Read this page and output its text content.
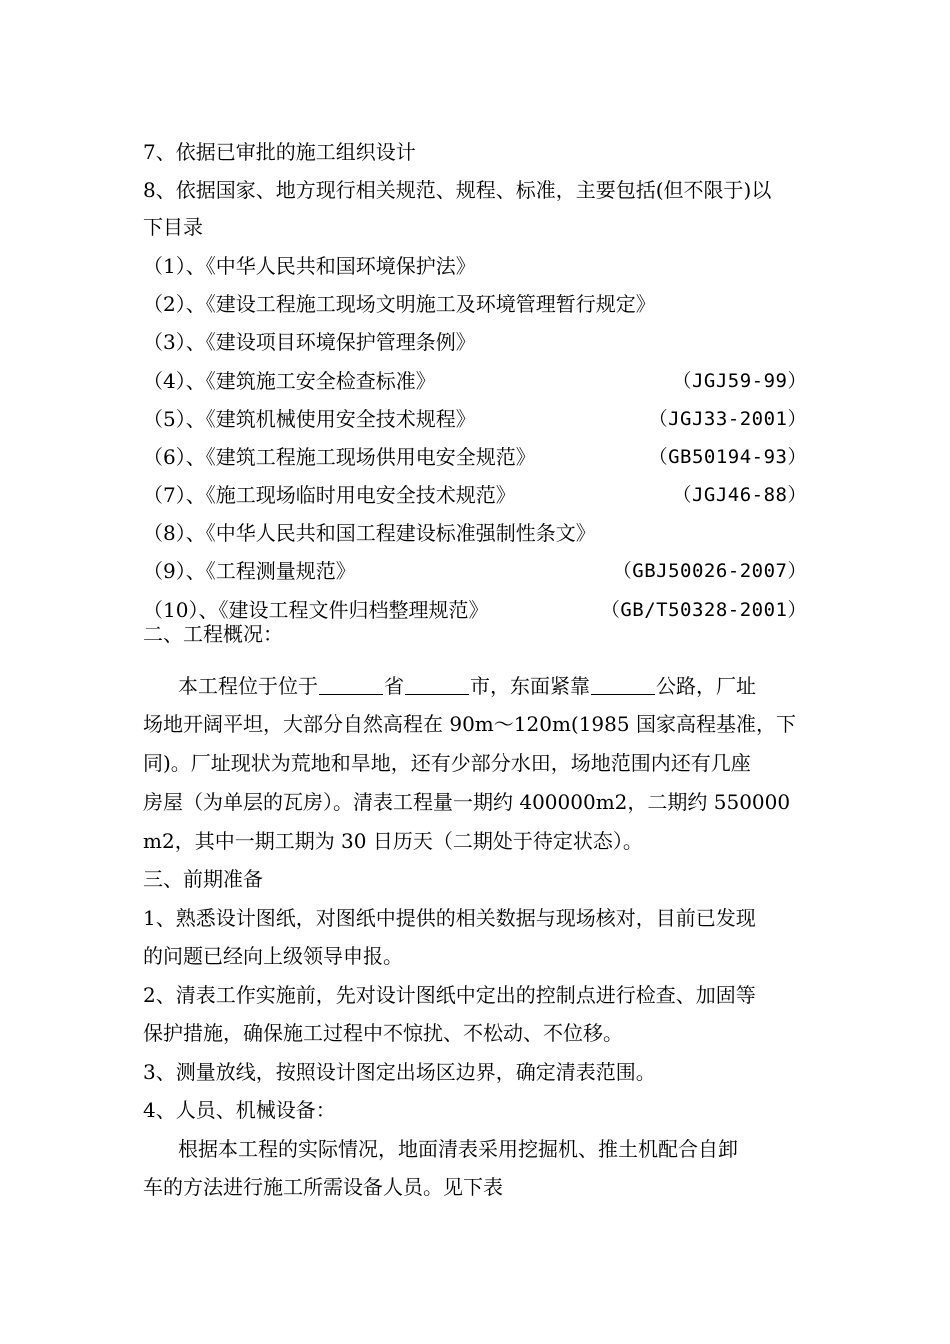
7、依据已审批的施工组织设计
8、依据国家、地方现行相关规范、规程、标准，主要包括(但不限于)以
下目录
（1）、《中华人民共和国环境保护法》
（2）、《建设工程施工现场文明施工及环境管理暂行规定》
（3）、《建设项目环境保护管理条例》
（4）、《建筑施工安全检查标准》	（JGJ59-99）
（5）、《建筑机械使用安全技术规程》	（JGJ33-2001）
（6）、《建筑工程施工现场供用电安全规范》	（GB50194-93）
（7）、《施工现场临时用电安全技术规范》	（JGJ46-88）
（8）、《中华人民共和国工程建设标准强制性条文》
（9）、《工程测量规范》	（GBJ50026-2007）
（10）、《建设工程文件归档整理规范》	（GB/T50328-2001）
二、工程概况：
本工程位于位于	省	市，东面紧靠	公路，厂址
场地开阔平坦，大部分自然高程在 90m～120m(1985 国家高程基准，下
同)。厂址现状为荒地和旱地，还有少部分水田，场地范围内还有几座
房屋（为单层的瓦房）。清表工程量一期约 400000m2，二期约 550000
m2，其中一期工期为 30 日历天（二期处于待定状态）。
三、前期准备
1、熟悉设计图纸，对图纸中提供的相关数据与现场核对，目前已发现
的问题已经向上级领导申报。
2、清表工作实施前，先对设计图纸中定出的控制点进行检查、加固等
保护措施，确保施工过程中不惊扰、不松动、不位移。
3、测量放线，按照设计图定出场区边界，确定清表范围。
4、人员、机械设备：
根据本工程的实际情况，地面清表采用挖掘机、推土机配合自卸
车的方法进行施工所需设备人员。见下表
